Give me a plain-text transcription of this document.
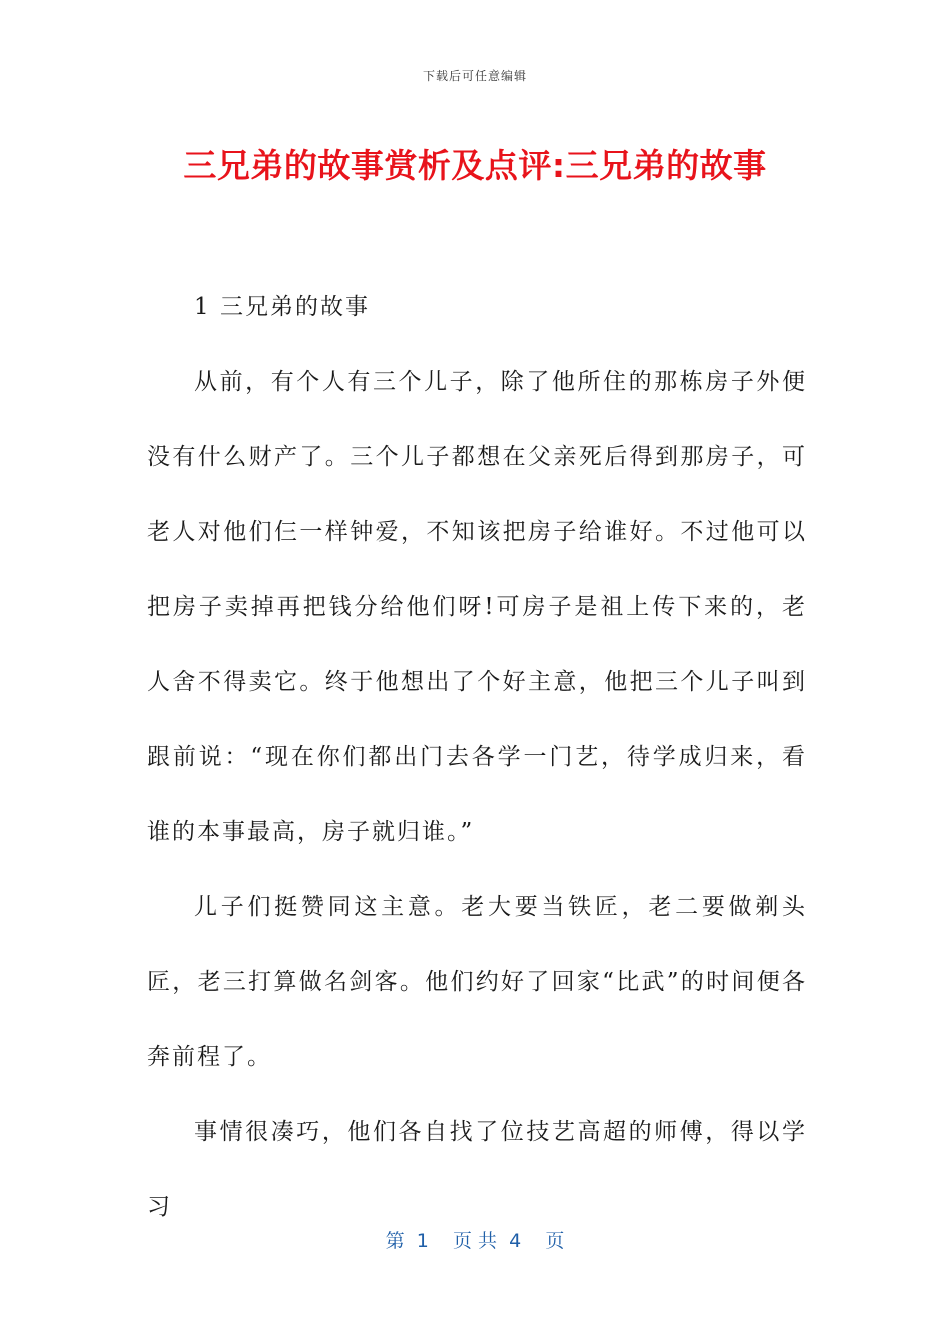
下载后可任意编辑
三兄弟的故事赏析及点评:三兄弟的故事

1 三兄弟的故事

从前，有个人有三个儿子，除了他所住的那栋房子外便没有什么财产了。三个儿子都想在父亲死后得到那房子，可老人对他们仨一样钟爱，不知该把房子给谁好。不过他可以把房子卖掉再把钱分给他们呀!可房子是祖上传下来的，老人舍不得卖它。终于他想出了个好主意，他把三个儿子叫到跟前说：“现在你们都出门去各学一门艺，待学成归来，看谁的本事最高，房子就归谁。”

儿子们挺赞同这主意。老大要当铁匠，老二要做剃头匠，老三打算做名剑客。他们约好了回家“比武”的时间便各奔前程了。

事情很凑巧，他们各自找了位技艺高超的师傅，得以学习

第  1    页 共  4    页
